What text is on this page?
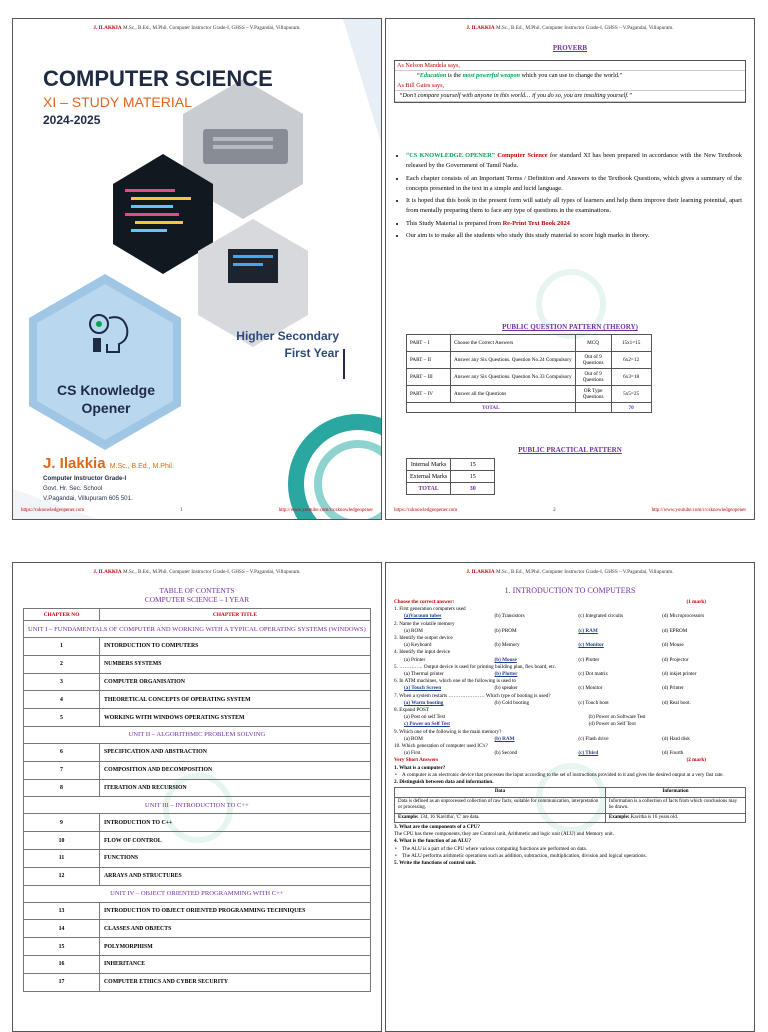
J. ILAKKIA M.Sc., B.Ed., M.Phil. Computer Instructor Grade-I, GHSS – V.Pagandai, Villupuram.
COMPUTER SCIENCE
XI – STUDY MATERIAL
2024-2025
Higher Secondary
First Year
CS Knowledge
Opener
J. Ilakkia M.Sc., B.Ed., M.Phil.
Computer Instructor Grade-I
Govt. Hr. Sec. School
V.Pagandai, Villupuram 605 501.
https://csknowledgeopener.com	1	http://www.youtube.com/c/csknowledgeopener
J. ILAKKIA M.Sc., B.Ed., M.Phil. Computer Instructor Grade-I, GHSS – V.Pagandai, Villupuram.
PROVERB
As Nelson Mandela says,
“Education is the most powerful weapon which you can use to change the world.”
As Bill Gates says,
“Don't compare yourself with anyone in this world… if you do so, you are insulting yourself.”
• “CS KNOWLEDGE OPENER” Computer Science for standard XI has been prepared in accordance with the New Textbook released by the Government of Tamil Nadu.
• Each chapter consists of an Important Terms / Definition and Answers to the Textbook Questions, which gives a summary of the concepts presented in the text in a simple and lucid language.
• It is hoped that this book in the present form will satisfy all types of learners and help them improve their learning potential, apart from mentally preparing them to face any type of questions in the examinations.
• This Study Material is prepared from Re-Print Text Book 2024
• Our aim is to make all the students who study this study material to score high marks in theory.
PUBLIC QUESTION PATTERN (THEORY)
PART – I	Choose the Correct Answers	MCQ	15x1=15
PART – II	Answer any Six Questions. Question No.24 Compulsory	Out of 9 Questions	6x2=12
PART – III	Answer any Six Questions. Question No.33 Compulsory	Out of 9 Questions	6x3=18
PART – IV	Answer all the Questions	OR Type Questions	5x5=25
TOTAL			70
PUBLIC PRACTICAL PATTERN
Internal Marks	15
External Marks	15
TOTAL	30
https://csknowledgeopener.com	2	http://www.youtube.com/c/csknowledgeopener
J. ILAKKIA M.Sc., B.Ed., M.Phil. Computer Instructor Grade-I, GHSS – V.Pagandai, Villupuram.
TABLE OF CONTENTS
COMPUTER SCIENCE – I YEAR
CHAPTER NO	CHAPTER TITLE
UNIT I – FUNDAMENTALS OF COMPUTER AND WORKING WITH A TYPICAL OPERATING SYSTEMS (WINDOWS)	
1	INTORDUCTION TO COMPUTERS
2	NUMBERS SYSTEMS
3	COMPUTER ORGANISATION
4	THEORETICAL CONCEPTS OF OPERATING SYSTEM
5	WORKING WITH WINDOWS OPERATING SYSTEM
UNIT II – ALGORITHMIC PROBLEM SOLVING	
6	SPECIFICATION AND ABSTRACTION
7	COMPOSITION AND DECOMPOSITION
8	ITERATION AND RECURSION
UNIT III – INTRODUCTION TO C++	
9	INTRODUCTION TO C++
10	FLOW OF CONTROL
11	FUNCTIONS
12	ARRAYS AND STRUCTURES
UNIT IV – OBJECT ORIENTED PROGRAMMING WITH C++	
13	INTRODUCTION TO OBJECT ORIENTED PROGRAMMING TECHNIQUES
14	CLASSES AND OBJECTS
15	POLYMORPHISM
16	INHERITANCE
17	COMPUTER ETHICS AND CYBER SECURITY
J. ILAKKIA M.Sc., B.Ed., M.Phil. Computer Instructor Grade-I, GHSS – V.Pagandai, Villupuram.
1. INTRODUCTION TO COMPUTERS
Choose the correct answer:	(1 mark)
1. First generation computers used
(a)Vacuum tubes	(b) Transistors	(c) Integrated circuits	(d) Microprocessors
2. Name the volatile memory
(a) ROM	(b) PROM	(c) RAM	(d) EPROM
3. Identify the output device
(a) Keyboard	(b) Memory	(c) Monitor	(d) Mouse
4. Identify the input device
(a) Printer	(b) Mouse	(c) Plotter	(d) Projector
5. ………….. Output device is used for printing building plan, flex board, etc.
(a) Thermal printer	(b) Plotter	(c) Dot matrix	(d) inkjet printer
6. In ATM machines, which one of the following is used to
(a) Touch Screen	(b) speaker	(c) Monitor	(d) Printer
7. When a system restarts ………………… Which type of booting is used?
(a) Warm booting	(b) Cold booting	(c) Touch boot	(d) Real boot.
8. Expand POST
(a) Post on self Test	(b) Power on Software Test
c) Power on Self Test	(d) Power on Self Text
9. Which one of the following is the main memory?
(a) ROM	(b) RAM	(c) Flash drive	(d) Hard disk
10. Which generation of computer used IC's?
(a) First	(b) Second	(c) Third	(d) Fourth
Very Short Answers	(2 mark)
1. What is a computer?
• A computer is an electronic device that processes the input according to the set of instructions provided to it and gives the desired output at a very fast rate.
2. Distinguish between data and information.
Data	Information
Data is defined as an unprocessed collection of raw facts, suitable for communication, interpretation or processing.	Information is a collection of facts from which conclusions may be drawn.
Example: 134, 16 'Kavitha', 'C' are data.	Example: Kavitha is 16 years old.
3. What are the components of a CPU?
The CPU has three components, they are Control unit, Arithmetic and logic unit (ALU) and Memory unit.
4. What is the function of an ALU?
• The ALU is a part of the CPU where various computing functions are performed on data.
• The ALU performs arithmetic operations such as addition, subtraction, multiplication, division and logical operations.
5. Write the functions of control unit.
